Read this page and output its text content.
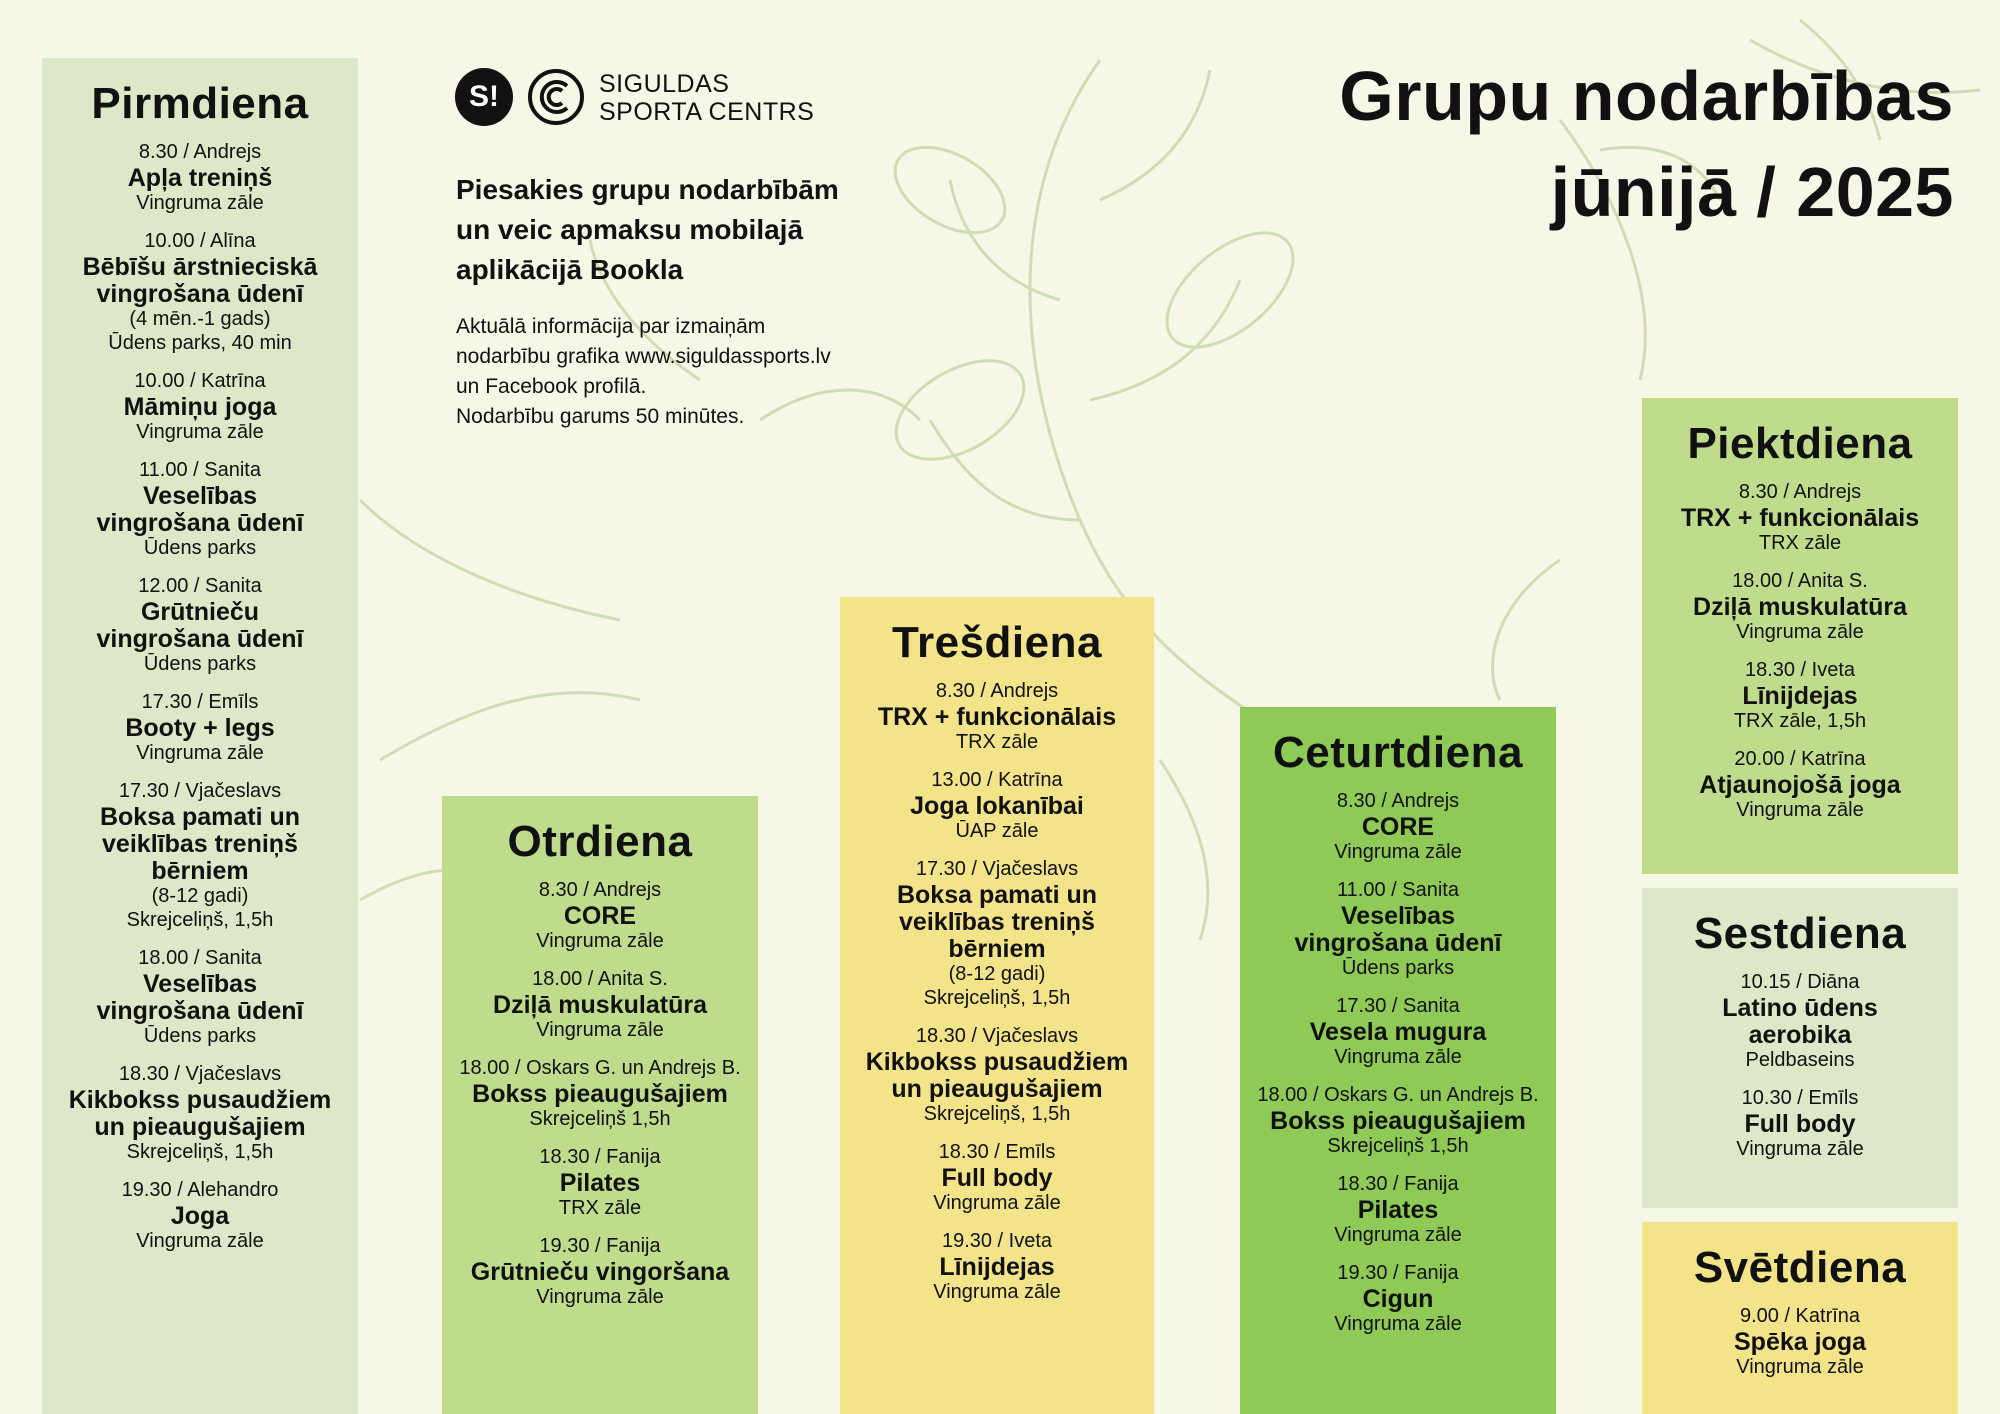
S!	SIGULDAS
SPORTA CENTRS
Piesakies grupu nodarbībām
un veic apmaksu mobilajā
aplikācijā Bookla
Aktuālā informācija par izmaiņām
nodarbību grafika www.siguldassports.lv
un Facebook profilā.
Nodarbību garums 50 minūtes.
Grupu nodarbības
jūnijā / 2025
Pirmdiena
8.30 / Andrejs
Apļa treniņš
Vingruma zāle
10.00 / Alīna
Bēbīšu ārstnieciskā
vingrošana ūdenī
(4 mēn.-1 gads)
Ūdens parks, 40 min
10.00 / Katrīna
Māmiņu joga
Vingruma zāle
11.00 / Sanita
Veselības
vingrošana ūdenī
Ūdens parks
12.00 / Sanita
Grūtnieču
vingrošana ūdenī
Ūdens parks
17.30 / Emīls
Booty + legs
Vingruma zāle
17.30 / Vjačeslavs
Boksa pamati un
veiklības treniņš
bērniem
(8-12 gadi)
Skrejceliņš, 1,5h
18.00 / Sanita
Veselības
vingrošana ūdenī
Ūdens parks
18.30 / Vjačeslavs
Kikbokss pusaudžiem
un pieaugušajiem
Skrejceliņš, 1,5h
19.30 / Alehandro
Joga
Vingruma zāle
Otrdiena
8.30 / Andrejs
CORE
Vingruma zāle
18.00 / Anita S.
Dziļā muskulatūra
Vingruma zāle
18.00 / Oskars G. un Andrejs B.
Bokss pieaugušajiem
Skrejceliņš 1,5h
18.30 / Fanija
Pilates
TRX zāle
19.30 / Fanija
Grūtnieču vingoršana
Vingruma zāle
Trešdiena
8.30 / Andrejs
TRX + funkcionālais
TRX zāle
13.00 / Katrīna
Joga lokanībai
ŪAP zāle
17.30 / Vjačeslavs
Boksa pamati un
veiklības treniņš
bērniem
(8-12 gadi)
Skrejceliņš, 1,5h
18.30 / Vjačeslavs
Kikbokss pusaudžiem
un pieaugušajiem
Skrejceliņš, 1,5h
18.30 / Emīls
Full body
Vingruma zāle
19.30 / Iveta
Līnijdejas
Vingruma zāle
Ceturtdiena
8.30 / Andrejs
CORE
Vingruma zāle
11.00 / Sanita
Veselības
vingrošana ūdenī
Ūdens parks
17.30 / Sanita
Vesela mugura
Vingruma zāle
18.00 / Oskars G. un Andrejs B.
Bokss pieaugušajiem
Skrejceliņš 1,5h
18.30 / Fanija
Pilates
Vingruma zāle
19.30 / Fanija
Cigun
Vingruma zāle
Piektdiena
8.30 / Andrejs
TRX + funkcionālais
TRX zāle
18.00 / Anita S.
Dziļā muskulatūra
Vingruma zāle
18.30 / Iveta
Līnijdejas
TRX zāle, 1,5h
20.00 / Katrīna
Atjaunojošā joga
Vingruma zāle
Sestdiena
10.15 / Diāna
Latino ūdens
aerobika
Peldbaseins
10.30 / Emīls
Full body
Vingruma zāle
Svētdiena
9.00 / Katrīna
Spēka joga
Vingruma zāle
